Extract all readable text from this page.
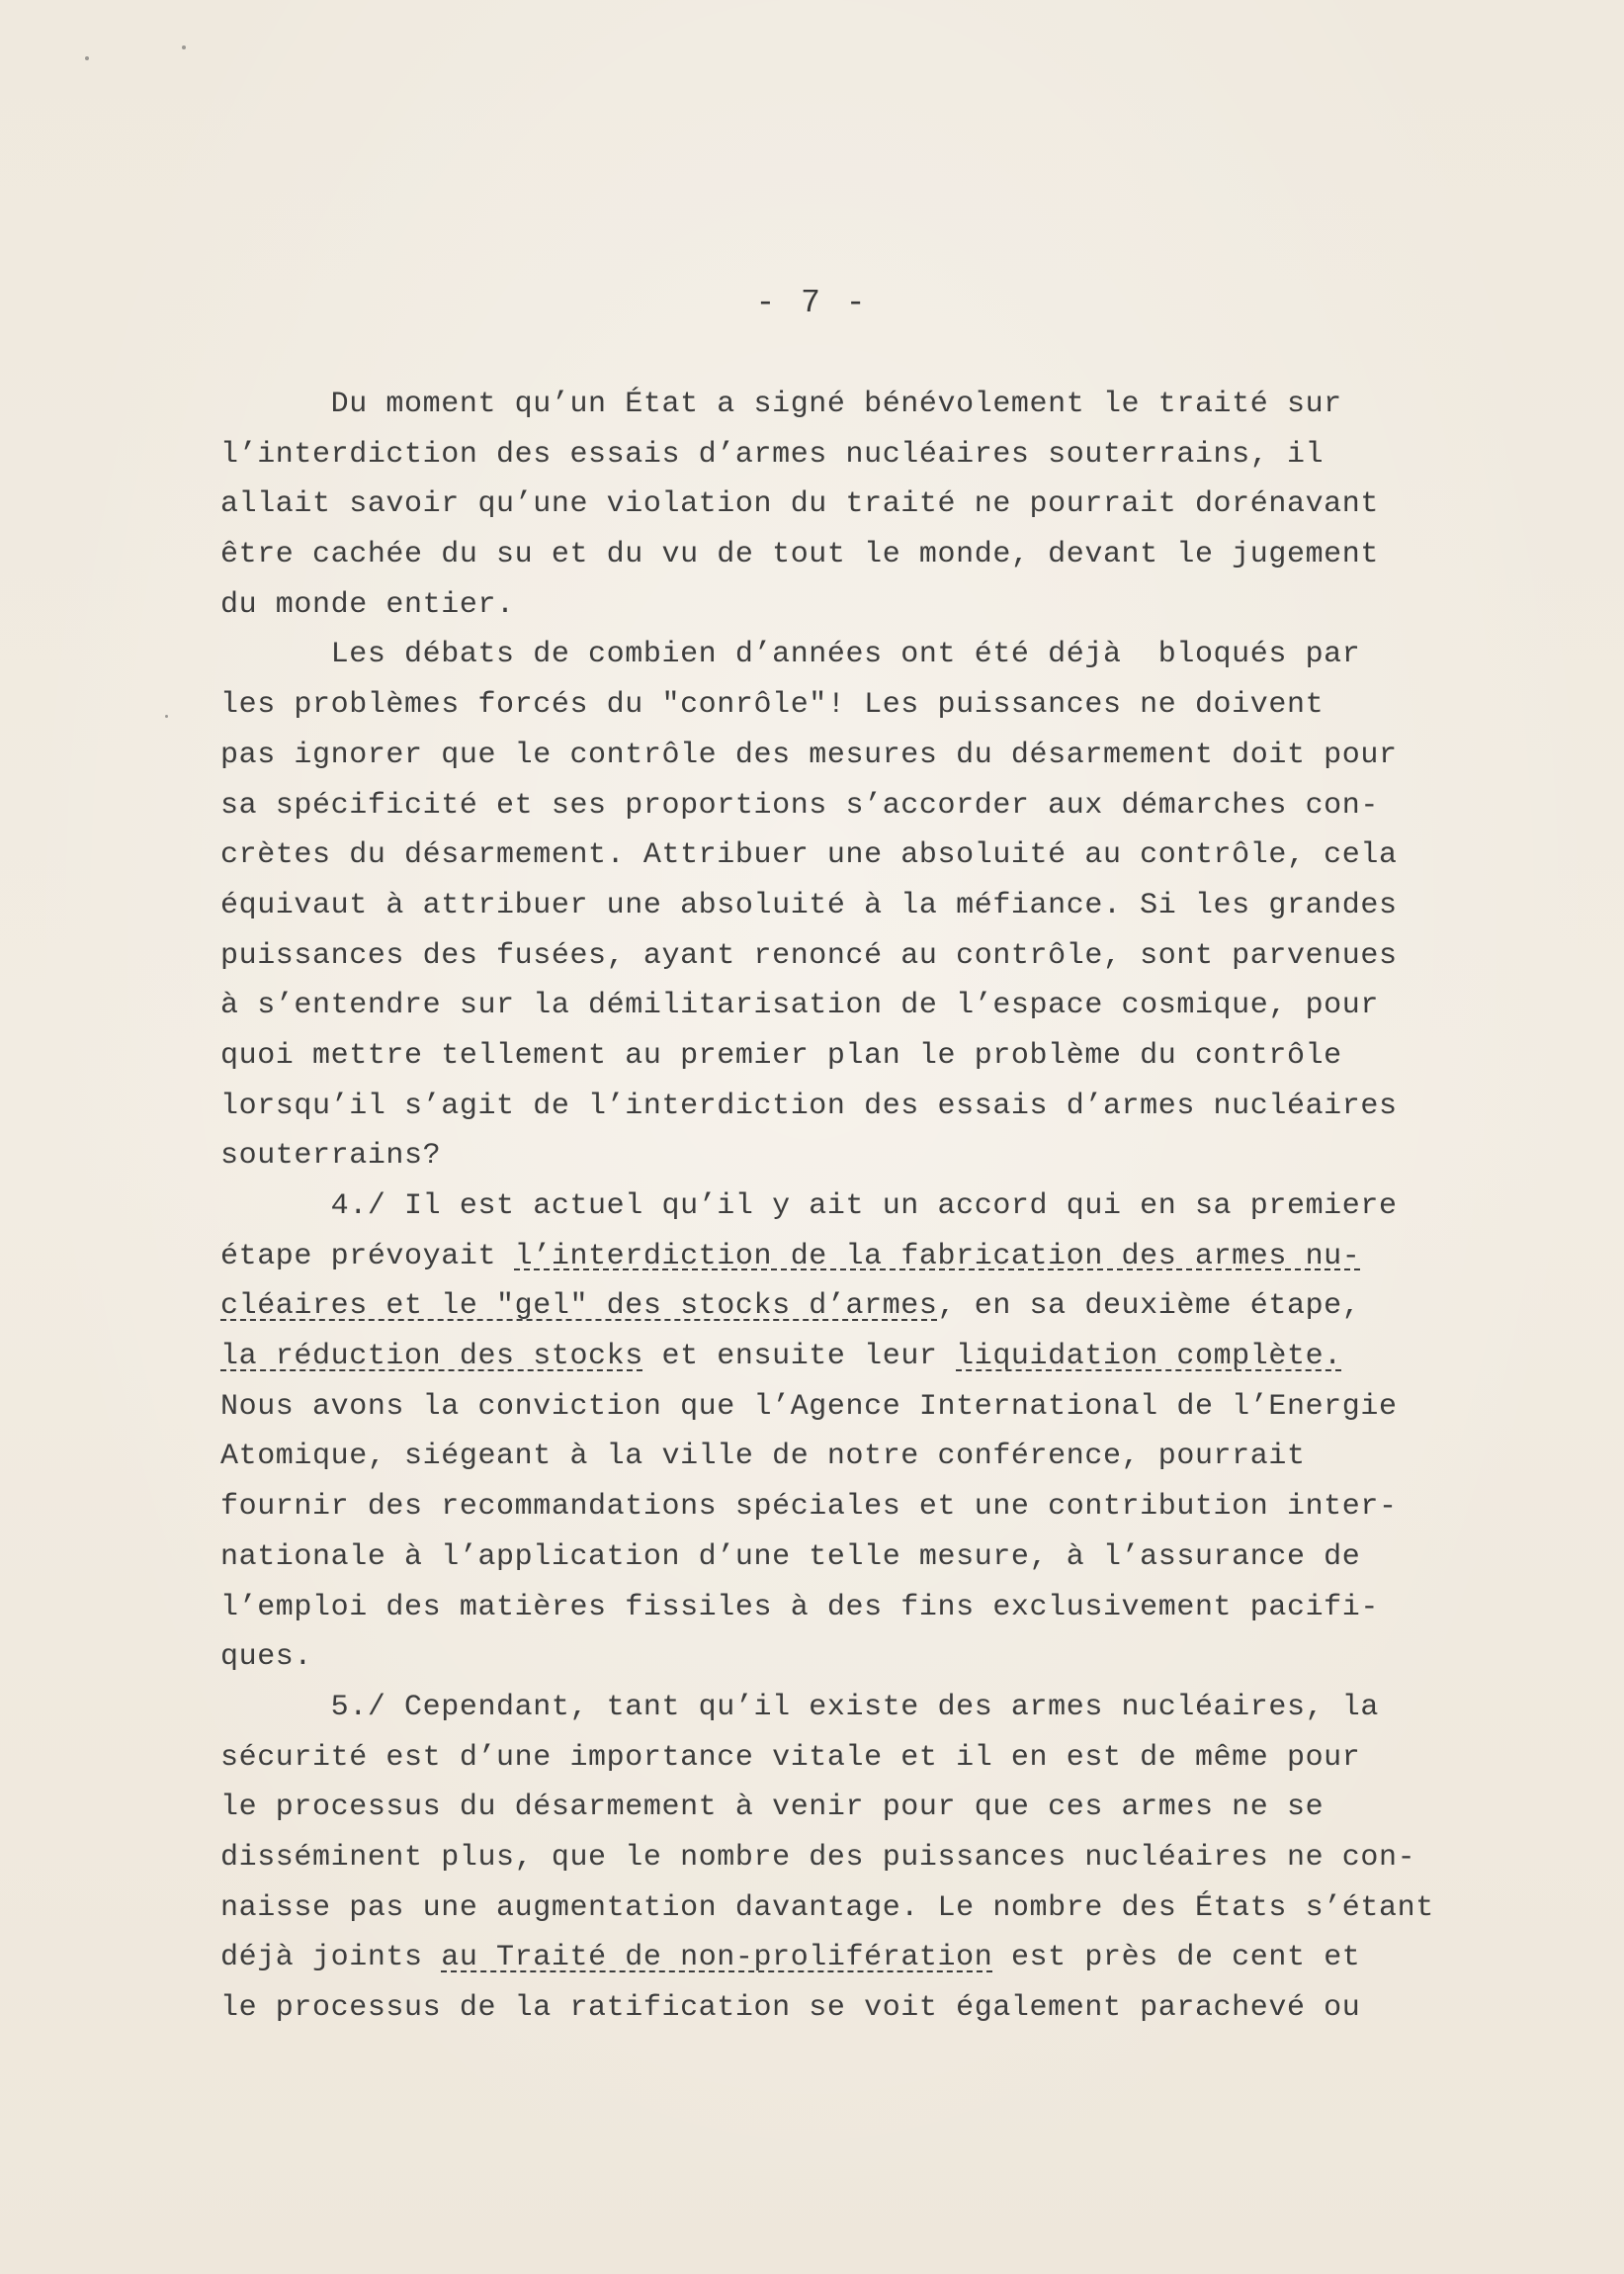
- 7 -
Du moment qu’un État a signé bénévolement le traité sur
l’interdiction des essais d’armes nucléaires souterrains, il
allait savoir qu’une violation du traité ne pourrait dorénavant
être cachée du su et du vu de tout le monde, devant le jugement
du monde entier.
Les débats de combien d’années ont été déjà  bloqués par
les problèmes forcés du "conrôle"! Les puissances ne doivent
pas ignorer que le contrôle des mesures du désarmement doit pour
sa spécificité et ses proportions s’accorder aux démarches con-
crètes du désarmement. Attribuer une absoluité au contrôle, cela
équivaut à attribuer une absoluité à la méfiance. Si les grandes
puissances des fusées, ayant renoncé au contrôle, sont parvenues
à s’entendre sur la démilitarisation de l’espace cosmique, pour
quoi mettre tellement au premier plan le problème du contrôle
lorsqu’il s’agit de l’interdiction des essais d’armes nucléaires
souterrains?
4./ Il est actuel qu’il y ait un accord qui en sa premiere
étape prévoyait l’interdiction de la fabrication des armes nu-
cléaires et le "gel" des stocks d’armes, en sa deuxième étape,
la réduction des stocks et ensuite leur liquidation complète.
Nous avons la conviction que l’Agence International de l’Energie
Atomique, siégeant à la ville de notre conférence, pourrait
fournir des recommandations spéciales et une contribution inter-
nationale à l’application d’une telle mesure, à l’assurance de
l’emploi des matières fissiles à des fins exclusivement pacifi-
ques.
5./ Cependant, tant qu’il existe des armes nucléaires, la
sécurité est d’une importance vitale et il en est de même pour
le processus du désarmement à venir pour que ces armes ne se
disséminent plus, que le nombre des puissances nucléaires ne con-
naisse pas une augmentation davantage. Le nombre des États s’étant
déjà joints au Traité de non-prolifération est près de cent et
le processus de la ratification se voit également parachevé ou
